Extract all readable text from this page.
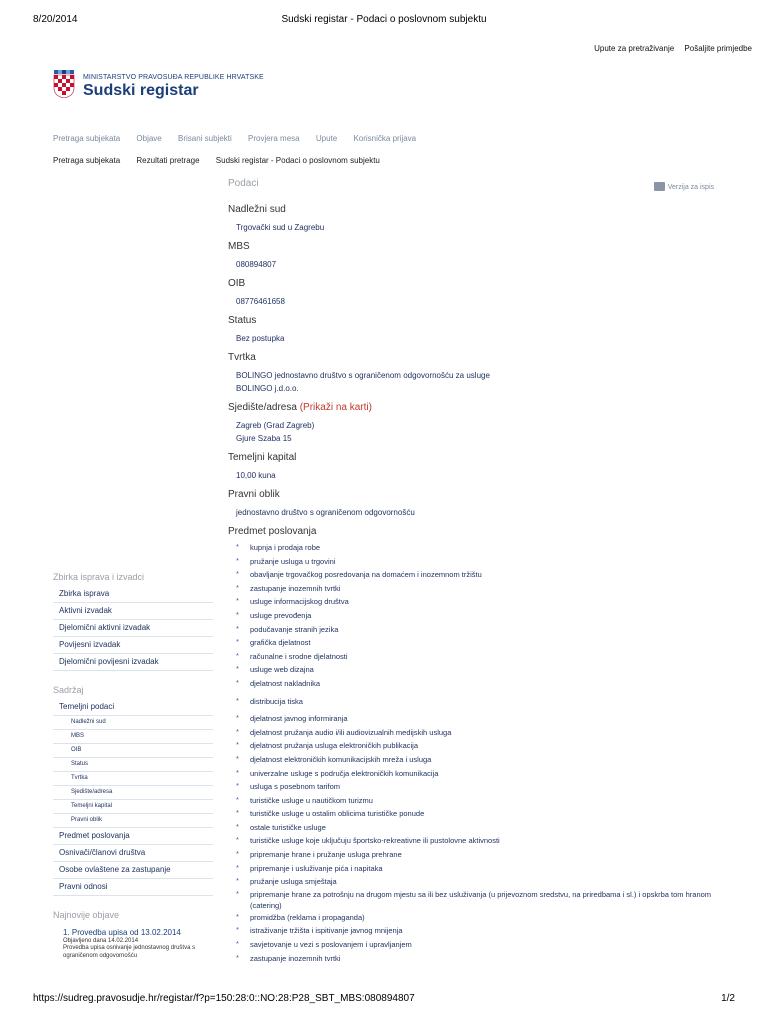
8/20/2014	Sudski registar - Podaci o poslovnom subjektu
Upute za pretraživanje Pošaljite primjedbe
MINISTARSTVO PRAVOSUĐA REPUBLIKE HRVATSKE
Sudski registar
Pretraga subjekata Objave Brisani subjekti Provjera mesa Upute Korisnička prijava
Pretraga subjekata Rezultati pretrage Sudski registar - Podaci o poslovnom subjektu
Podaci	Verzija za ispis
Nadležni sud
Trgovački sud u Zagrebu
MBS
080894807
OIB
08776461658
Status
Bez postupka
Tvrtka
BOLINGO jednostavno društvo s ograničenom odgovornošću za usluge
BOLINGO j.d.o.o.
Sjedište/adresa (Prikaži na karti)
Zagreb (Grad Zagreb)
Gjure Szaba 15
Temeljni kapital
10,00 kuna
Pravni oblik
jednostavno društvo s ograničenom odgovornošću
Predmet poslovanja
* kupnja i prodaja robe
* pružanje usluga u trgovini
* obavljanje trgovačkog posredovanja na domaćem i inozemnom tržištu
* zastupanje inozemnih tvrtki
* usluge informacijskog društva
* usluge prevođenja
* podučavanje stranih jezika
* grafička djelatnost
* računalne i srodne djelatnosti
* usluge web dizajna
* djelatnost nakladnika
* distribucija tiska
* djelatnost javnog informiranja
* djelatnost pružanja audio i/ili audiovizualnih medijskih usluga
* djelatnost pružanja usluga elektroničkih publikacija
* djelatnost elektroničkih komunikacijskih mreža i usluga
* univerzalne usluge s područja elektroničkih komunikacija
* usluga s posebnom tarifom
* turističke usluge u nautičkom turizmu
* turističke usluge u ostalim oblicima turističke ponude
* ostale turističke usluge
* turističke usluge koje uključuju športsko-rekreativne ili pustolovne aktivnosti
* pripremanje hrane i pružanje usluga prehrane
* pripremanje i usluživanje pića i napitaka
* pružanje usluga smještaja
* pripremanje hrane za potrošnju na drugom mjestu sa ili bez usluživanja (u prijevoznom sredstvu, na priredbama i sl.) i opskrba tom hranom (catering)
* promidžba (reklama i propaganda)
* istraživanje tržišta i ispitivanje javnog mnijenja
* savjetovanje u vezi s poslovanjem i upravljanjem
* zastupanje inozemnih tvrtki
Zbirka isprava i izvadci
Zbirka isprava
Aktivni izvadak
Djelomični aktivni izvadak
Povijesni izvadak
Djelomični povijesni izvadak
Sadržaj
Temeljni podaci
Nadležni sud
MBS
OIB
Status
Tvrtka
Sjedište/adresa
Temeljni kapital
Pravni oblik
Predmet poslovanja
Osnivači/članovi društva
Osobe ovlaštene za zastupanje
Pravni odnosi
Najnovije objave
1. Provedba upisa od 13.02.2014
Objavljeno dana 14.02.2014
Provedba upisa osnivanje jednostavnog društva s ograničenom odgovornošću
https://sudreg.pravosudje.hr/registar/f?p=150:28:0::NO:28:P28_SBT_MBS:080894807	1/2
